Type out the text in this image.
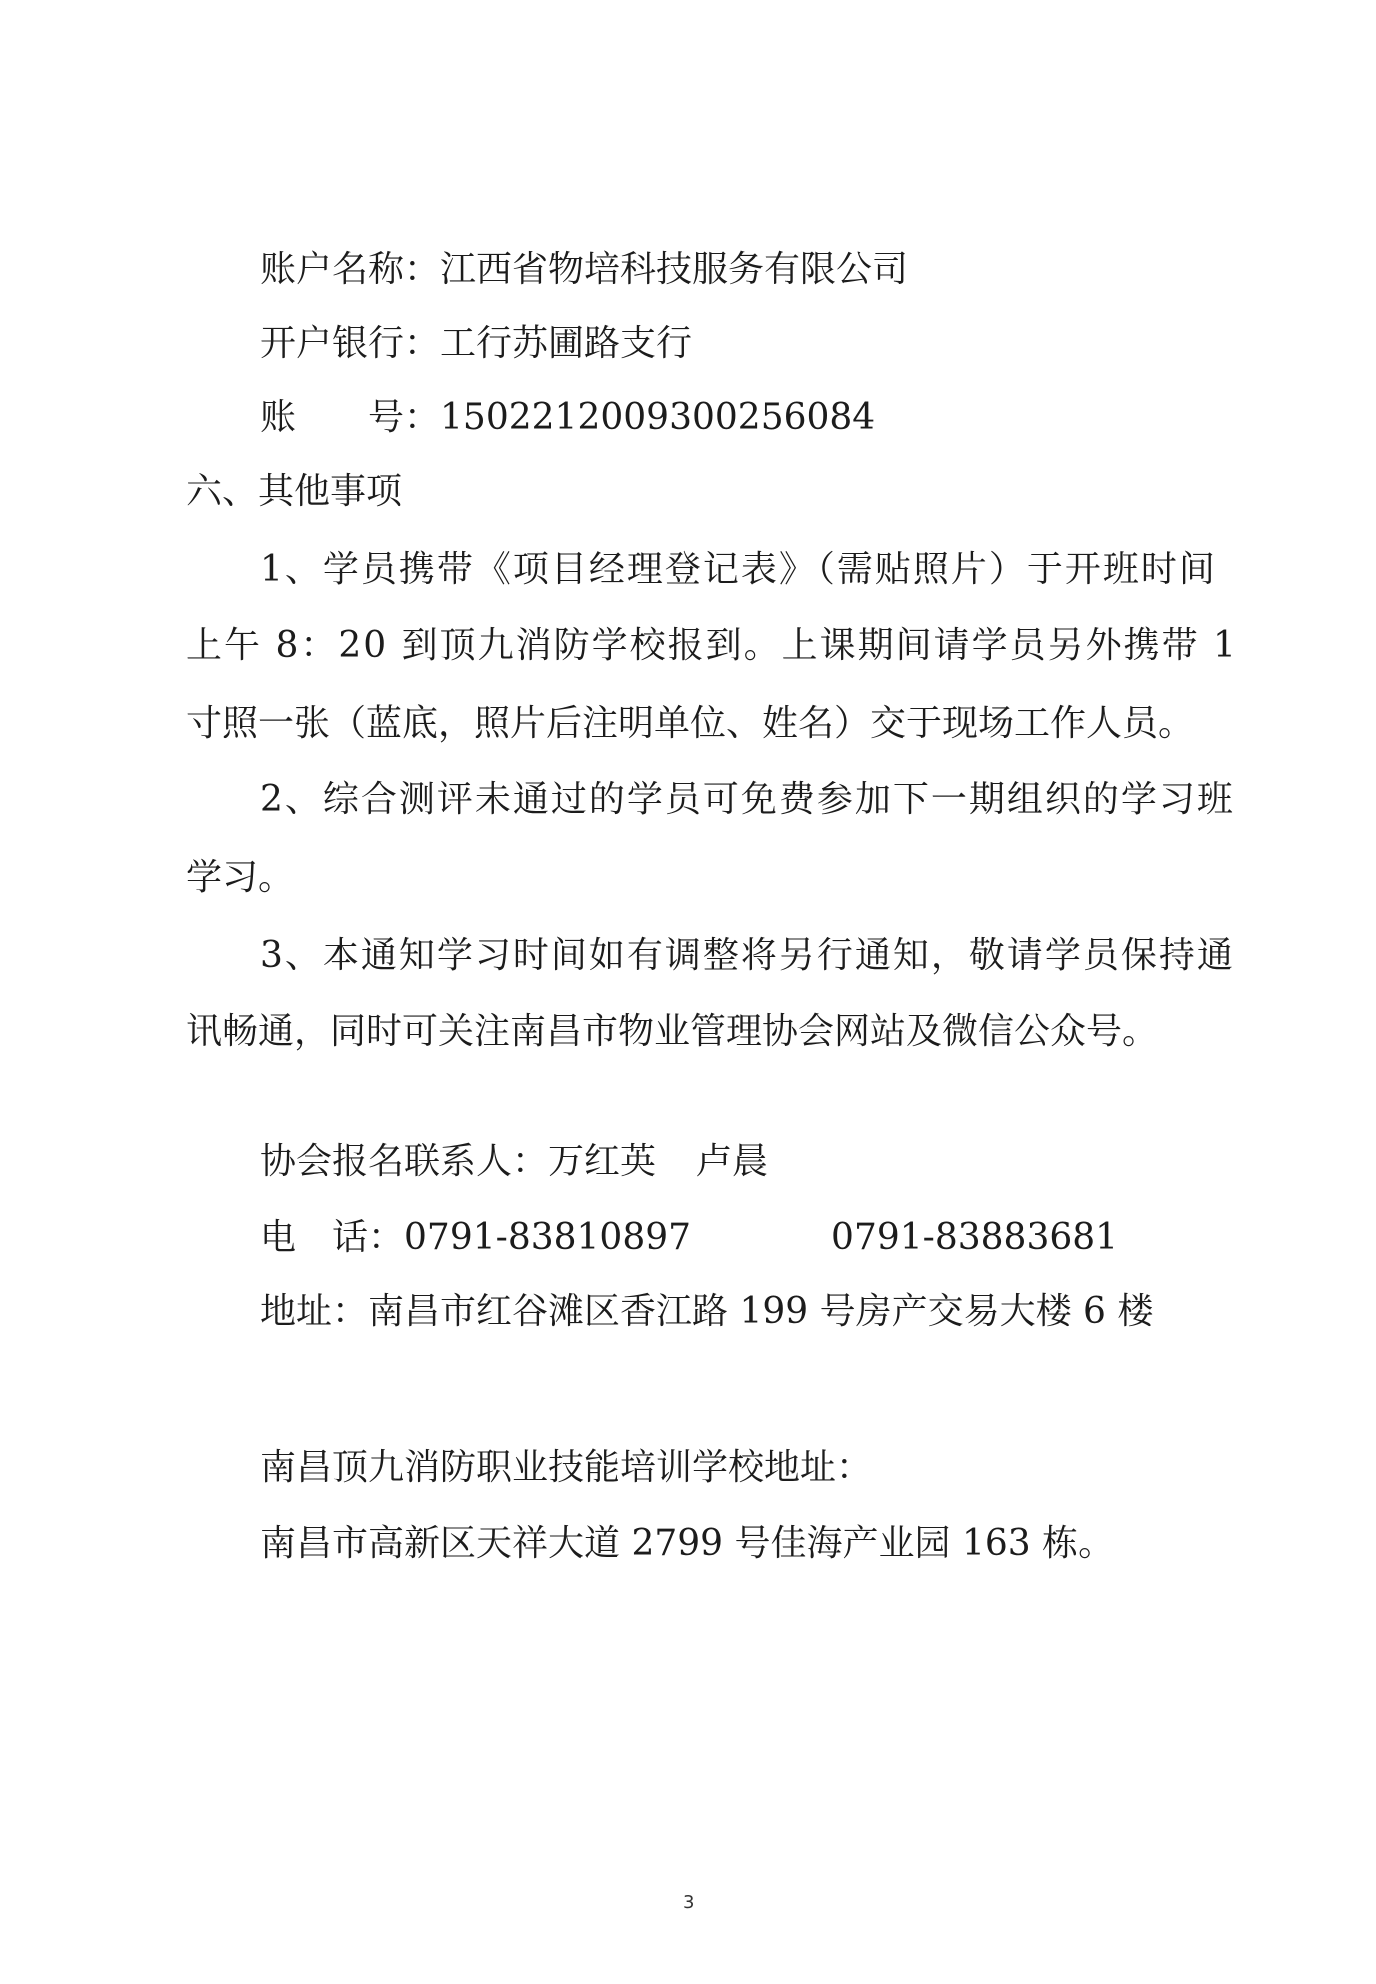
账户名称：江西省物培科技服务有限公司
开户银行：工行苏圃路支行
账 号：1502212009300256084
六、其他事项
1、学员携带《项目经理登记表》（需贴照片）于开班时间
上午 8：20 到顶九消防学校报到。上课期间请学员另外携带 1
寸照一张（蓝底，照片后注明单位、姓名）交于现场工作人员。
2、综合测评未通过的学员可免费参加下一期组织的学习班
学习。
3、本通知学习时间如有调整将另行通知，敬请学员保持通
讯畅通，同时可关注南昌市物业管理协会网站及微信公众号。
协会报名联系人：万红英 卢晨
电 话：0791-83810897	0791-83883681
地址：南昌市红谷滩区香江路 199 号房产交易大楼 6 楼
南昌顶九消防职业技能培训学校地址：
南昌市高新区天祥大道 2799 号佳海产业园 163 栋。
3
